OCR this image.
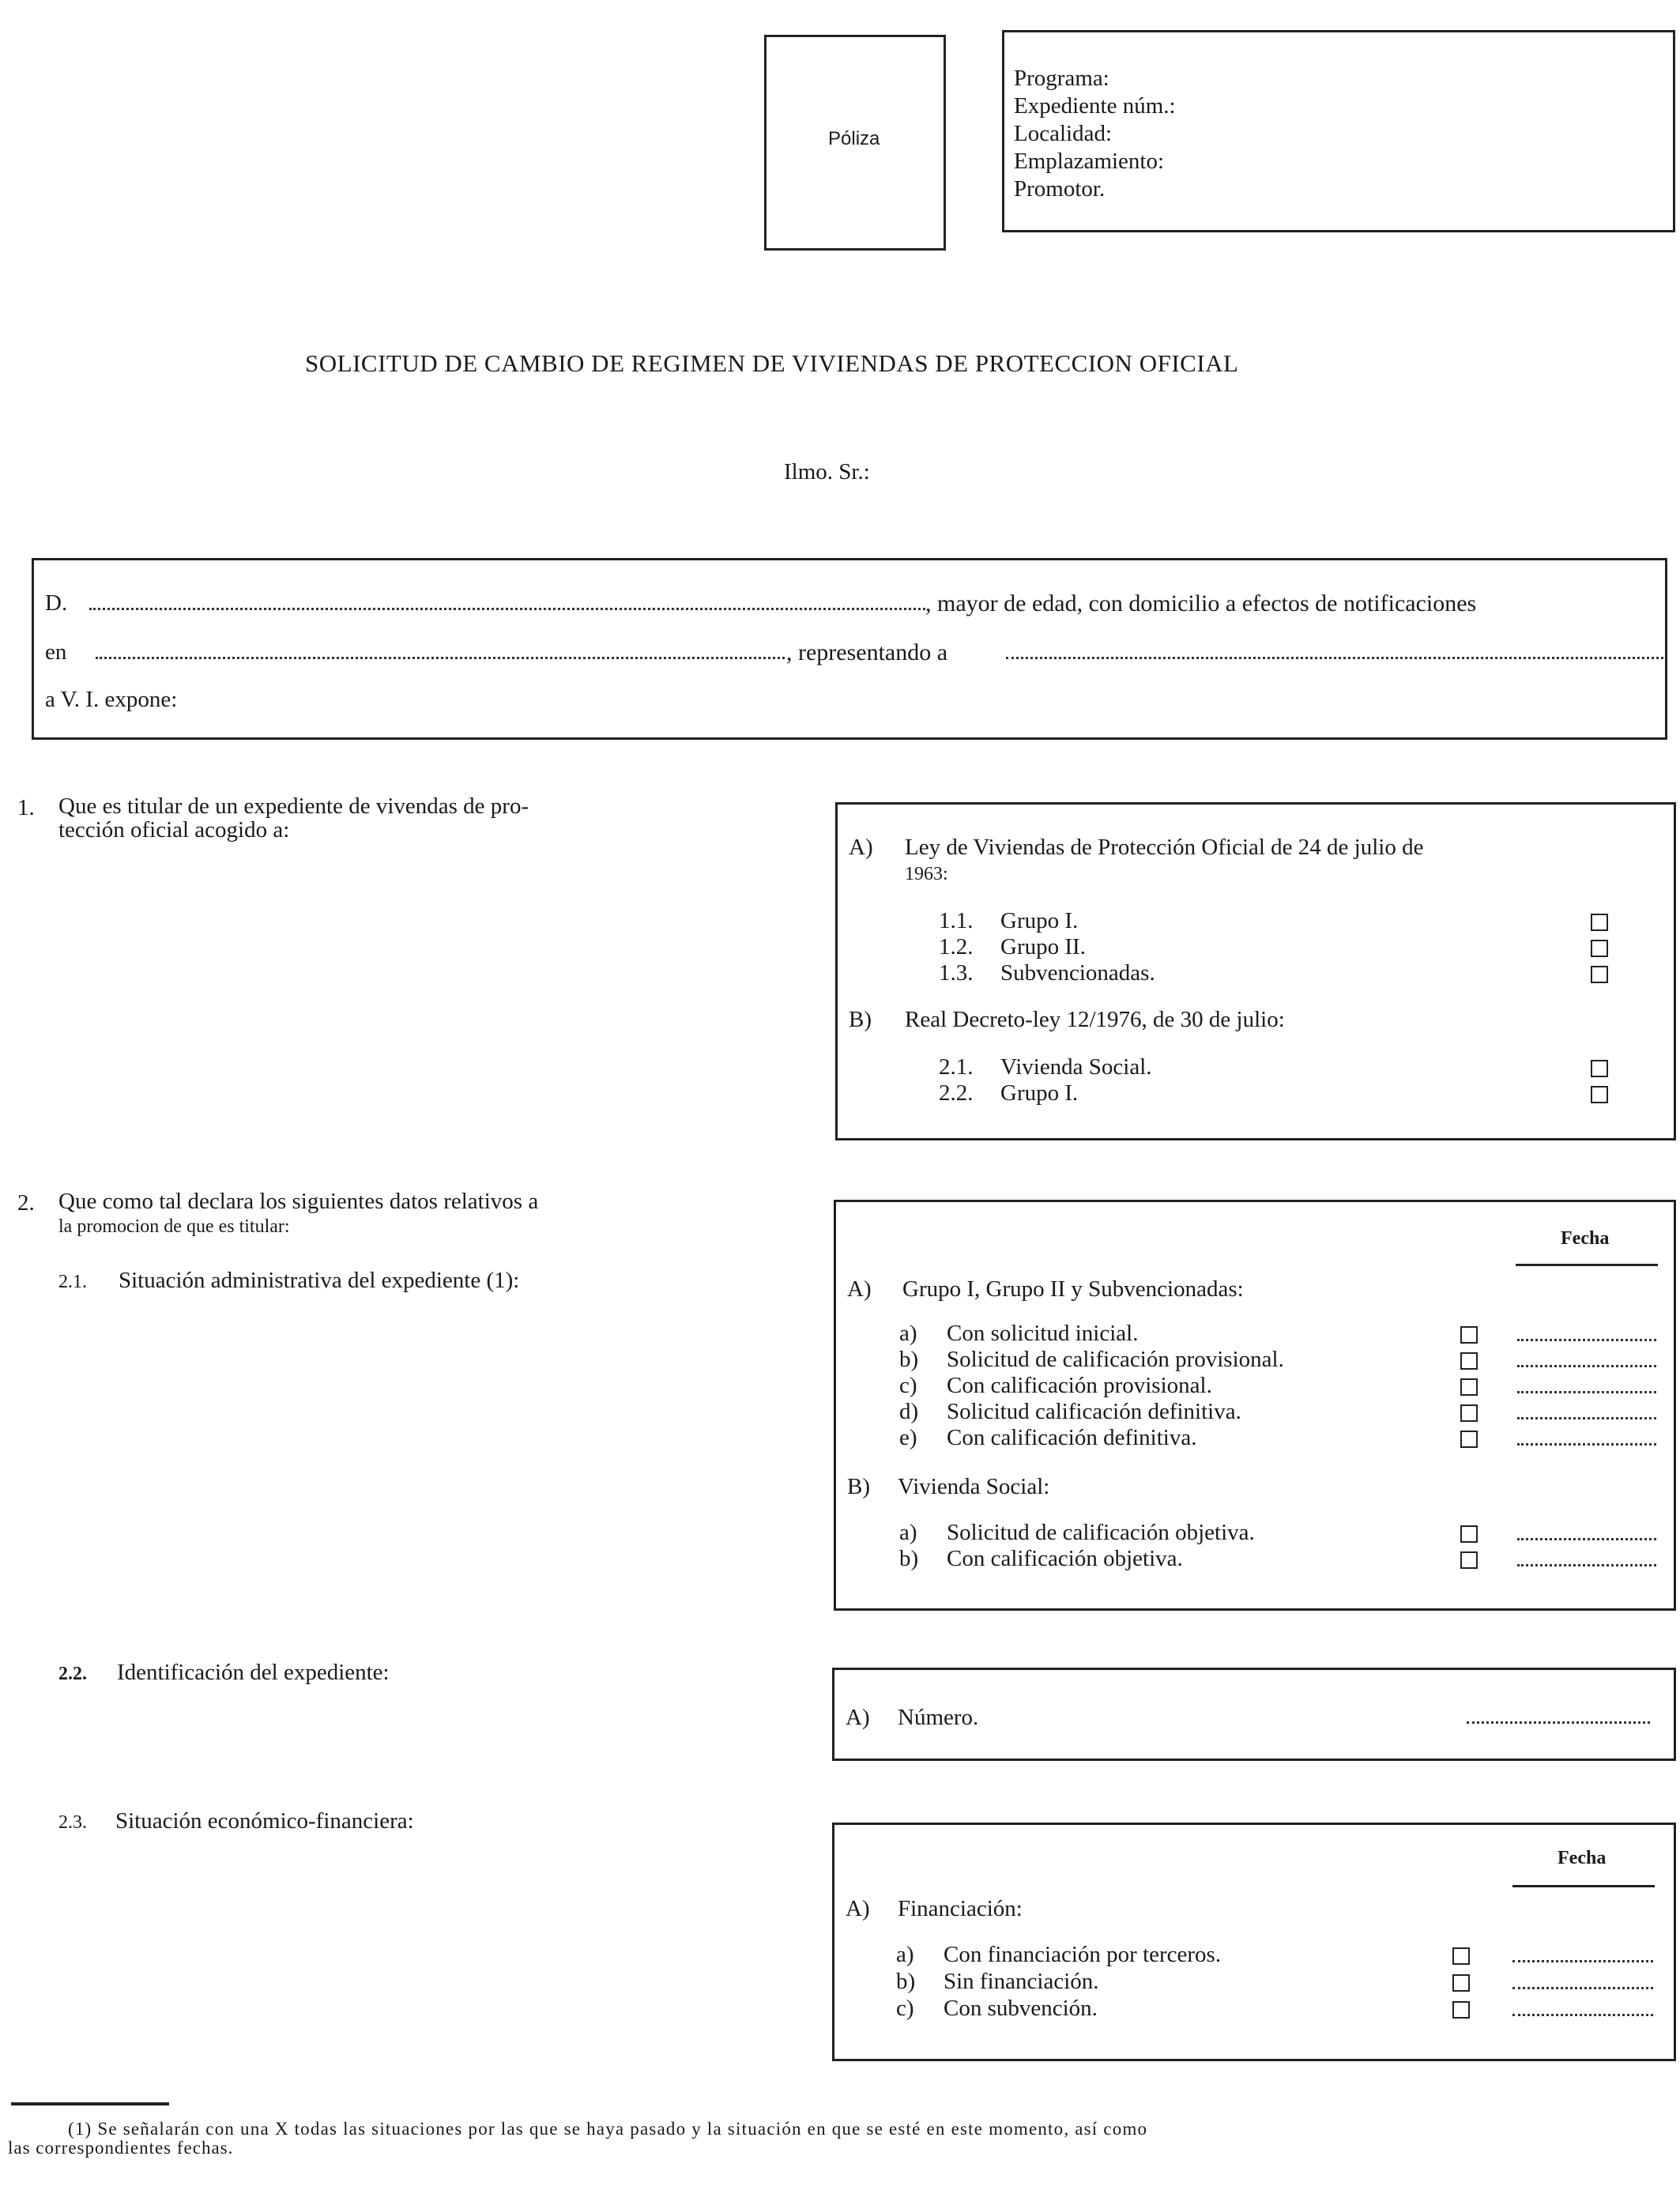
Póliza
Programa:
Expediente núm.:
Localidad:
Emplazamiento:
Promotor.
SOLICITUD DE CAMBIO DE REGIMEN DE VIVIENDAS DE PROTECCION OFICIAL
Ilmo. Sr.:
D.	, mayor de edad, con domicilio a efectos de notificaciones
en	, representando a
a V. I. expone:
1. Que es titular de un expediente de vivendas de pro-
tección oficial acogido a:
A) Ley de Viviendas de Protección Oficial de 24 de julio de
1963:
1.1. Grupo I.
1.2. Grupo II.
1.3. Subvencionadas.
B) Real Decreto-ley 12/1976, de 30 de julio:
2.1. Vivienda Social.
2.2. Grupo I.
2. Que como tal declara los siguientes datos relativos a
la promocion de que es titular:
2.1. Situación administrativa del expediente (1):
Fecha
A) Grupo I, Grupo II y Subvencionadas:
a) Con solicitud inicial.
b) Solicitud de calificación provisional.
c) Con calificación provisional.
d) Solicitud calificación definitiva.
e) Con calificación definitiva.
B) Vivienda Social:
a) Solicitud de calificación objetiva.
b) Con calificación objetiva.
2.2. Identificación del expediente:
A) Número.
2.3. Situación económico-financiera:
Fecha
A) Financiación:
a) Con financiación por terceros.
b) Sin financiación.
c) Con subvención.
(1) Se señalarán con una X todas las situaciones por las que se haya pasado y la situación en que se esté en este momento, así como
las correspondientes fechas.
